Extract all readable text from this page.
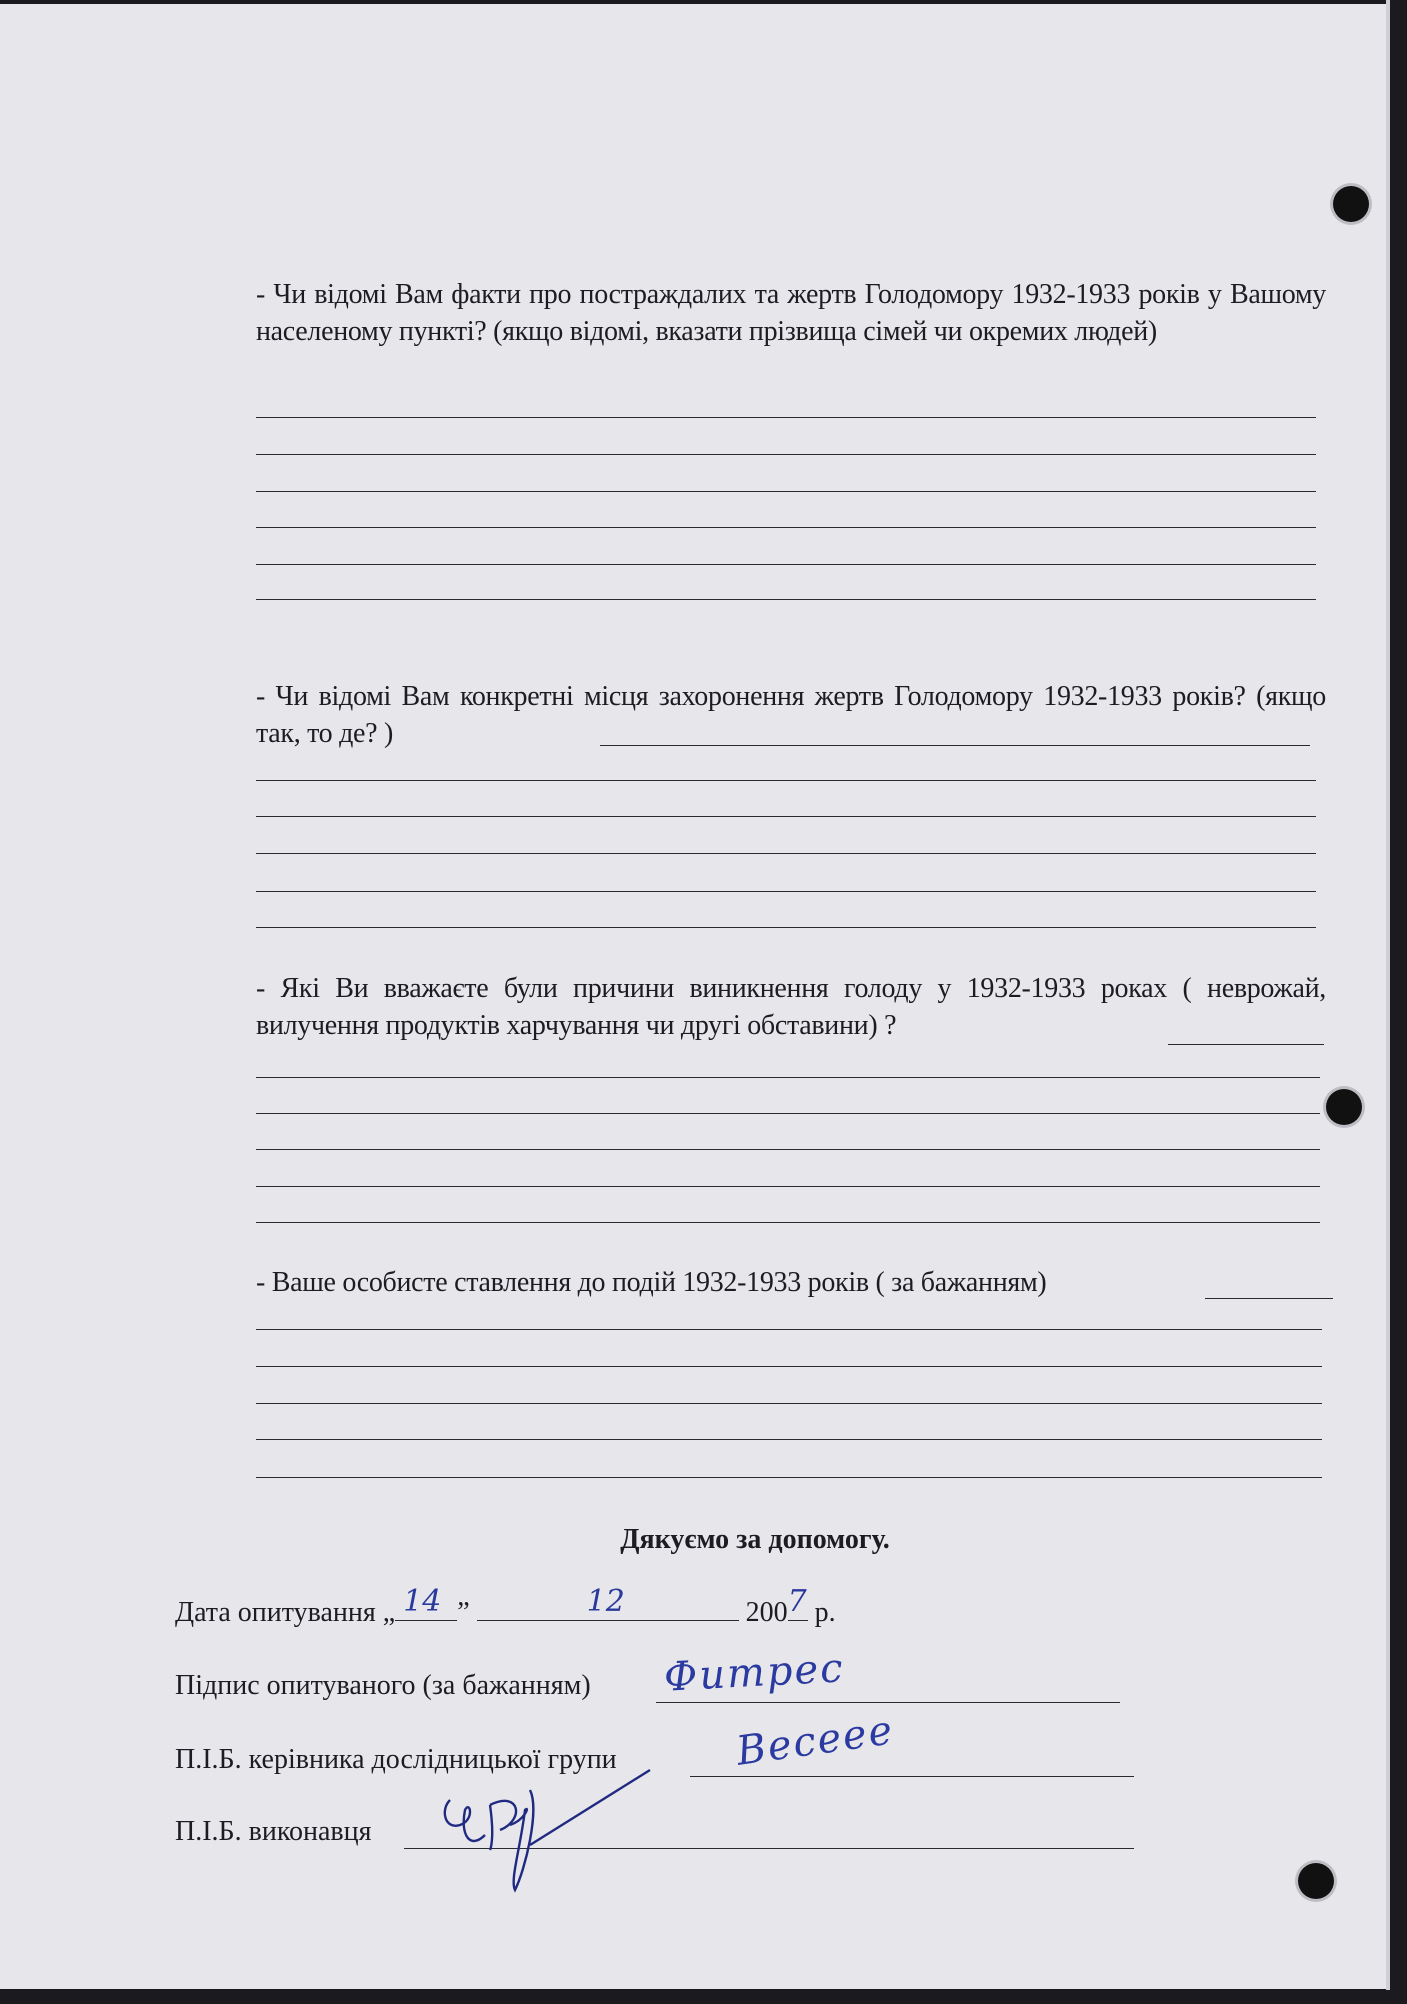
- Чи відомі Вам факти про постраждалих та жертв Голодомору 1932-1933 років у Вашому населеному пункті? (якщо відомі, вказати прізвища сімей чи окремих людей)
- Чи відомі Вам конкретні місця захоронення жертв Голодомору 1932-1933 років? (якщо так, то де? )
- Які Ви вважаєте були причини виникнення голоду у 1932-1933 роках ( неврожай, вилучення продуктів харчування чи другі обставини) ?
- Ваше особисте ставлення до подій 1932-1933 років ( за бажанням)
Дякуємо за допомогу.
Дата опитування „ 14 ”	12	200 7 р.
Підпис опитуваного (за бажанням) Фитрес
П.І.Б. керівника дослідницької групи	Весеее
П.І.Б. виконавця
